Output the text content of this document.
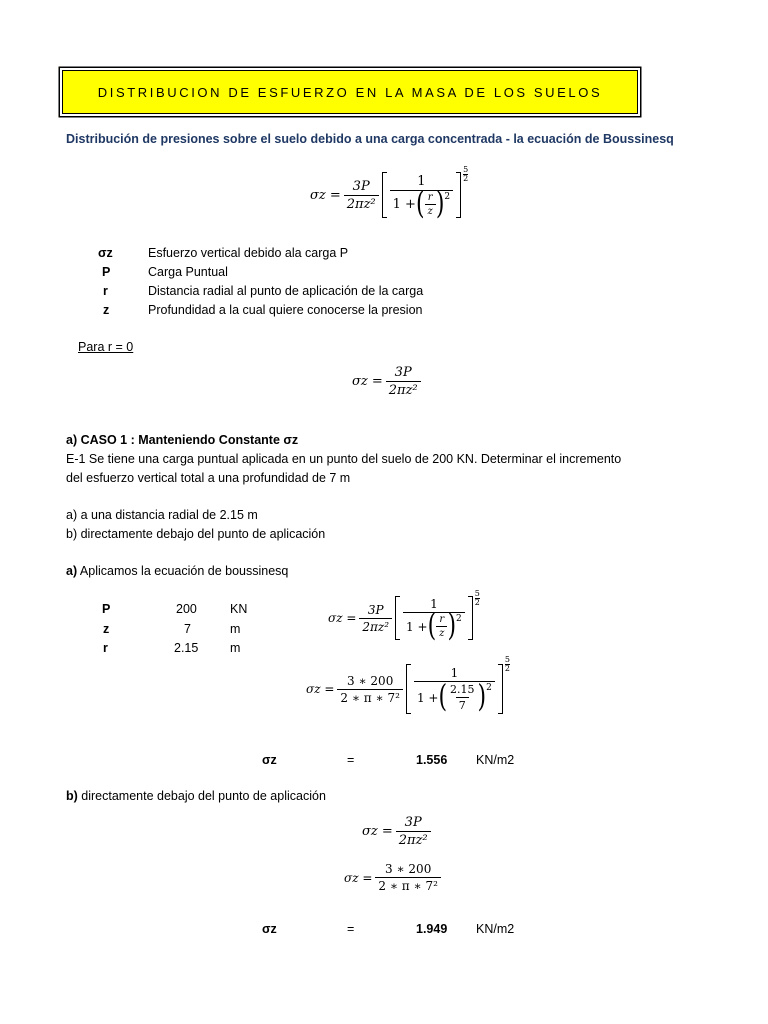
DISTRIBUCION DE ESFUERZO EN LA MASA DE LOS SUELOS
Distribución de presiones sobre el suelo debido a una carga concentrada - la ecuación de Boussinesq
$\sigma z = \frac{3P}{\text{2πz²}} \frac{1}{1 + ( \frac{r}{z} ) 2} \frac{5}{2}$
σz	Esfuerzo vertical debido ala carga P
P	Carga Puntual
r	Distancia radial al punto de aplicación de la carga
z	Profundidad a la cual quiere conocerse la presion
Para r = 0
$\sigma z = \frac{3P}{\text{2πz²}}$
a) CASO 1 : Manteniendo Constante σz
E-1 Se tiene una carga puntual aplicada en un punto del suelo de 200 KN. Determinar el incremento
del esfuerzo vertical total a una profundidad de 7 m
a) a una distancia radial de 2.15 m
b) directamente debajo del punto de aplicación
a) Aplicamos la ecuación de boussinesq
P	200	KN
z	7	m
r	2.15	m
$\sigma z = \frac{3P}{\text{2πz²}} \frac{1}{1 + ( \frac{r}{z} ) 2} \frac{5}{2}$
$\sigma z = \frac{3 ∗ 200}{\text{2 ∗ π ∗ 7²}} \frac{1}{1 + ( \frac{2.15}{7} ) 2}$
$\frac{5}{2}$
σz	=	1.556 KN/m2
b) directamente debajo del punto de aplicación
$\sigma z = \frac{3P}{\text{2πz²}}$
$\sigma z = \frac{3 ∗ 200}{\text{2 ∗ π ∗ 7²}}$
σz	=	1.949 KN/m2
